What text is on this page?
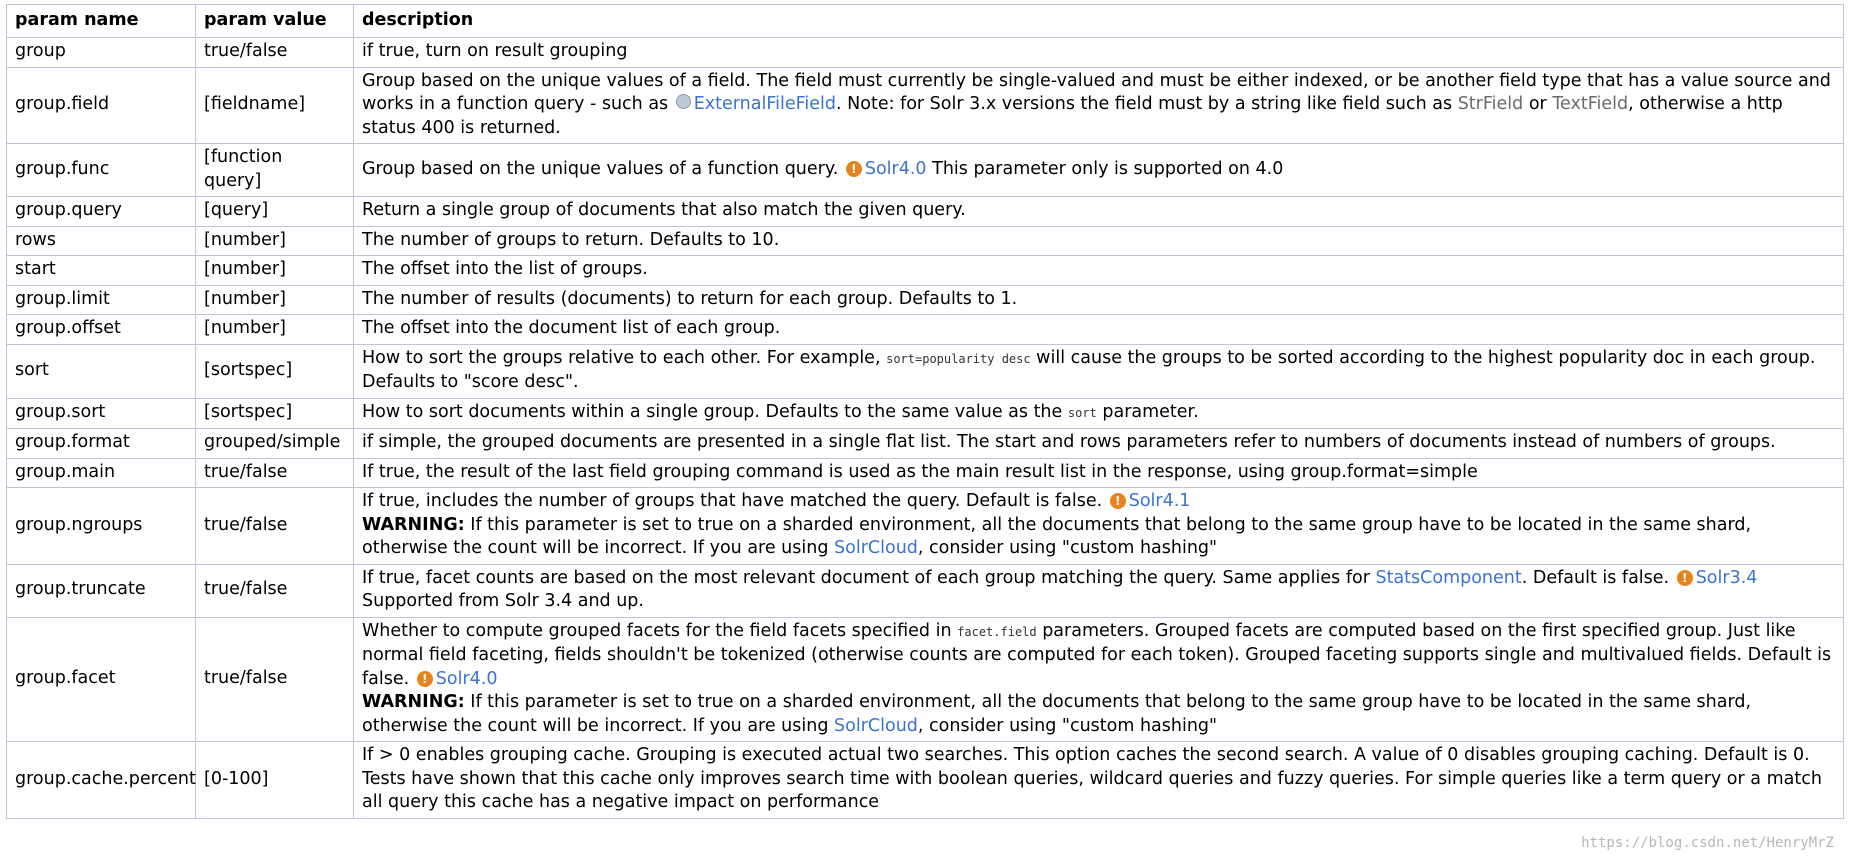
param name	param value	description
group	true/false	if true, turn on result grouping
group.field	[fieldname]	Group based on the unique values of a field. The field must currently be single-valued and must be either indexed, or be another field type that has a value source and works in a function query - such as ExternalFileField. Note: for Solr 3.x versions the field must by a string like field such as StrField or TextField, otherwise a http status 400 is returned.
group.func	[function query]	Group based on the unique values of a function query. ! Solr4.0 This parameter only is supported on 4.0
group.query	[query]	Return a single group of documents that also match the given query.
rows	[number]	The number of groups to return. Defaults to 10.
start	[number]	The offset into the list of groups.
group.limit	[number]	The number of results (documents) to return for each group. Defaults to 1.
group.offset	[number]	The offset into the document list of each group.
sort	[sortspec]	How to sort the groups relative to each other. For example, sort=popularity desc will cause the groups to be sorted according to the highest popularity doc in each group. Defaults to "score desc".
group.sort	[sortspec]	How to sort documents within a single group. Defaults to the same value as the sort parameter.
group.format	grouped/simple	if simple, the grouped documents are presented in a single flat list. The start and rows parameters refer to numbers of documents instead of numbers of groups.
group.main	true/false	If true, the result of the last field grouping command is used as the main result list in the response, using group.format=simple
group.ngroups	true/false	If true, includes the number of groups that have matched the query. Default is false. ! Solr4.1
WARNING: If this parameter is set to true on a sharded environment, all the documents that belong to the same group have to be located in the same shard, otherwise the count will be incorrect. If you are using SolrCloud, consider using "custom hashing"
group.truncate	true/false	If true, facet counts are based on the most relevant document of each group matching the query. Same applies for StatsComponent. Default is false. ! Solr3.4 Supported from Solr 3.4 and up.
group.facet	true/false	Whether to compute grouped facets for the field facets specified in facet.field parameters. Grouped facets are computed based on the first specified group. Just like normal field faceting, fields shouldn't be tokenized (otherwise counts are computed for each token). Grouped faceting supports single and multivalued fields. Default is false. ! Solr4.0
WARNING: If this parameter is set to true on a sharded environment, all the documents that belong to the same group have to be located in the same shard, otherwise the count will be incorrect. If you are using SolrCloud, consider using "custom hashing"
group.cache.percent	[0-100]	If > 0 enables grouping cache. Grouping is executed actual two searches. This option caches the second search. A value of 0 disables grouping caching. Default is 0. Tests have shown that this cache only improves search time with boolean queries, wildcard queries and fuzzy queries. For simple queries like a term query or a match all query this cache has a negative impact on performance
https://blog.csdn.net/HenryMrZ
